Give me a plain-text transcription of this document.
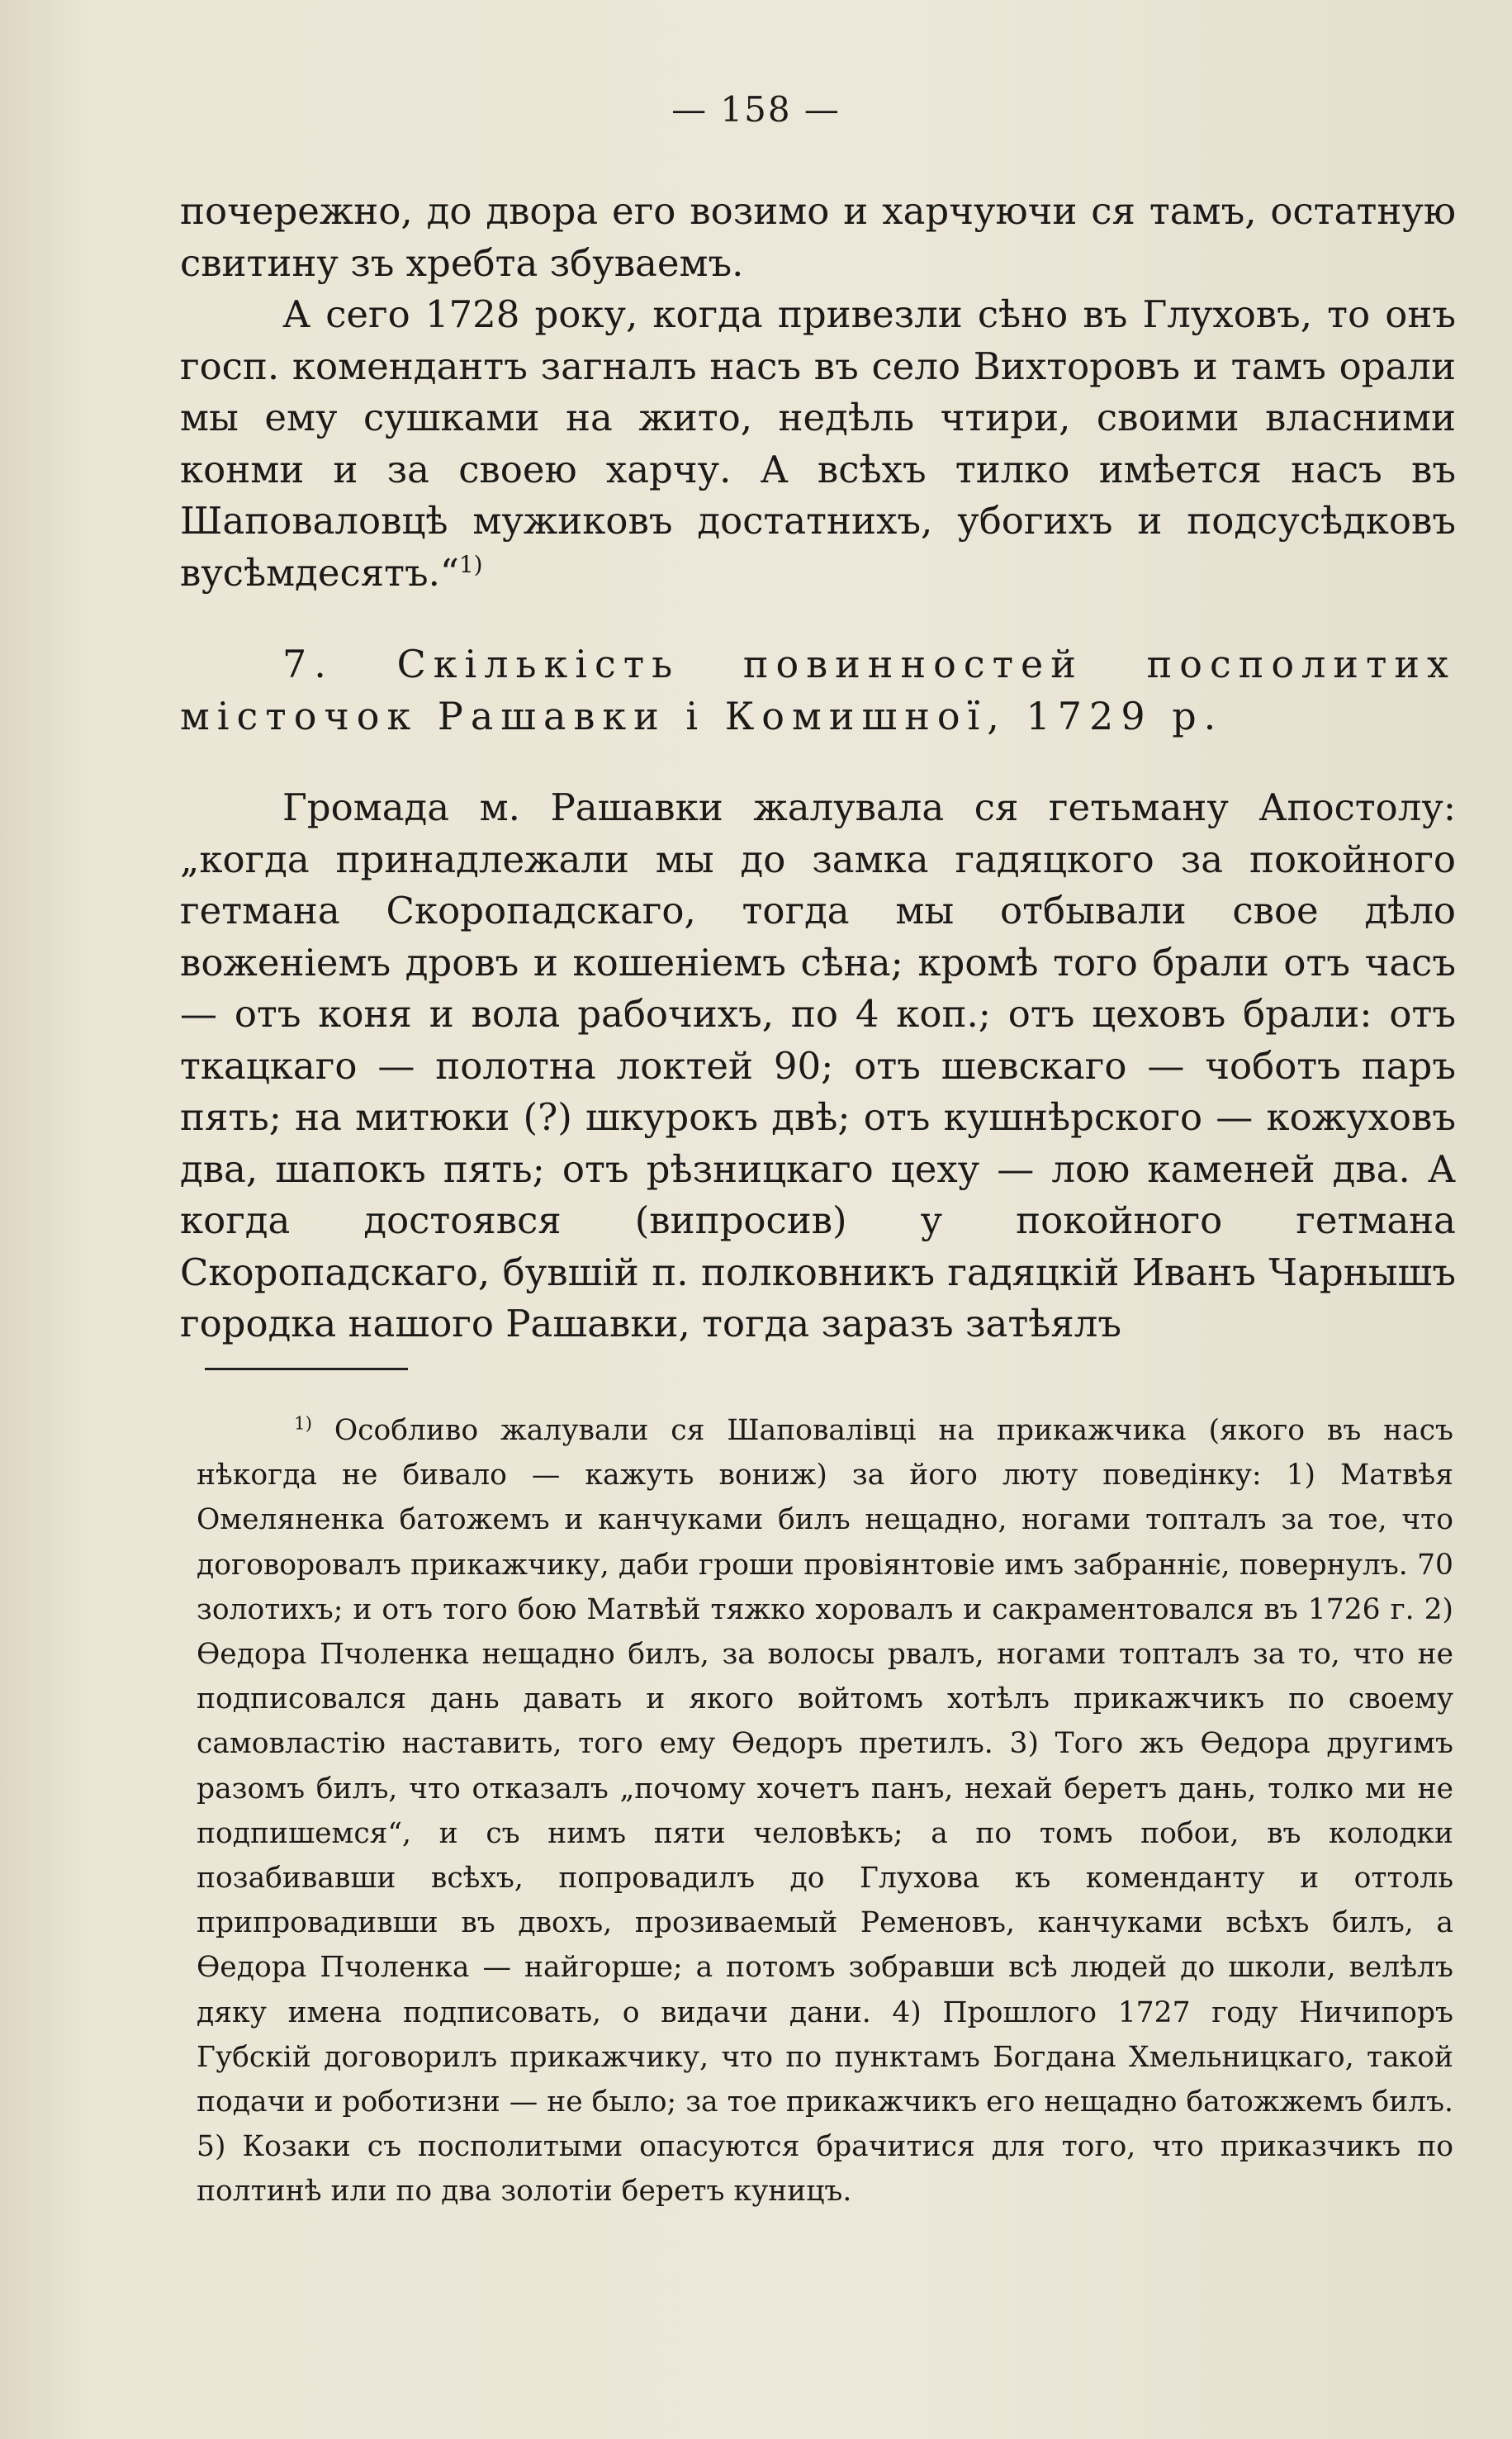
— 158 —

почережно, до двора его возимо и харчуючи ся тамъ, остатную свитину зъ хребта збуваемъ.

А сего 1728 року, когда привезли сѣно въ Глуховъ, то онъ госп. комендантъ загналъ насъ въ село Вихторовъ и тамъ орали мы ему сушками на жито, недѣль чтири, своими власними конми и за своею харчу. А всѣхъ тилко имѣется насъ въ Шаповаловцѣ мужиковъ достатнихъ, убогихъ и подсусѣдковъ вусѣмдесятъ.“$^{1)}$

7. Скількість повинностей посполитих місточок Рашавки і Комишної, 1729 р.

Громада м. Рашавки жалувала ся гетьману Апостолу: „когда принадлежали мы до замка гадяцкого за покойного гетмана Скоропадскаго, тогда мы отбывали свое дѣло воженіемъ дровъ и кошеніемъ сѣна; кромѣ того брали отъ часъ — отъ коня и вола рабочихъ, по 4 коп.; отъ цеховъ брали: отъ ткацкаго — полотна локтей 90; отъ шевскаго — чоботъ паръ пять; на митюки (?) шкурокъ двѣ; отъ кушнѣрского — кожуховъ два, шапокъ пять; отъ рѣзницкаго цеху — лою каменей два. А когда достоявся (випросив) у покойного гетмана Скоропадскаго, бувшій п. полковникъ гадяцкій Иванъ Чарнышъ городка нашого Рашавки, тогда заразъ затѣялъ

$^{1)}$ Особливо жалували ся Шаповалівці на прикажчика (якого въ насъ нѣкогда не бивало — кажуть вониж) за його люту поведінку: 1) Матвѣя Омеляненка батожемъ и канчуками билъ нещадно, ногами топталъ за тое, что договоровалъ прикажчику, даби гроши провіянтовіе имъ забранніє, повернулъ. 70 золотихъ; и отъ того бою Матвѣй тяжко хоровалъ и сакраментовался въ 1726 г. 2) Өедора Пчоленка нещадно билъ, за волосы рвалъ, ногами топталъ за то, что не подписовался дань давать и якого войтомъ хотѣлъ прикажчикъ по своему самовластію наставить, того ему Өедоръ претилъ. 3) Того жъ Өедора другимъ разомъ билъ, что отказалъ „почому хочетъ панъ, нехай беретъ дань, толко ми не подпишемся“, и съ нимъ пяти человѣкъ; а по томъ побои, въ колодки позабивавши всѣхъ, попровадилъ до Глухова къ коменданту и оттоль припровадивши въ двохъ, прозиваемый Ременовъ, канчуками всѣхъ билъ, а Өедора Пчоленка — найгорше; а потомъ зобравши всѣ людей до школи, велѣлъ дяку имена подписовать, о видачи дани. 4) Прошлого 1727 году Ничипоръ Губскій договорилъ прикажчику, что по пунктамъ Богдана Хмельницкаго, такой подачи и роботизни — не было; за тое прикажчикъ его нещадно батожжемъ билъ. 5) Козаки съ посполитыми опасуются брачитися для того, что приказчикъ по полтинѣ или по два золотіи беретъ куницъ.
